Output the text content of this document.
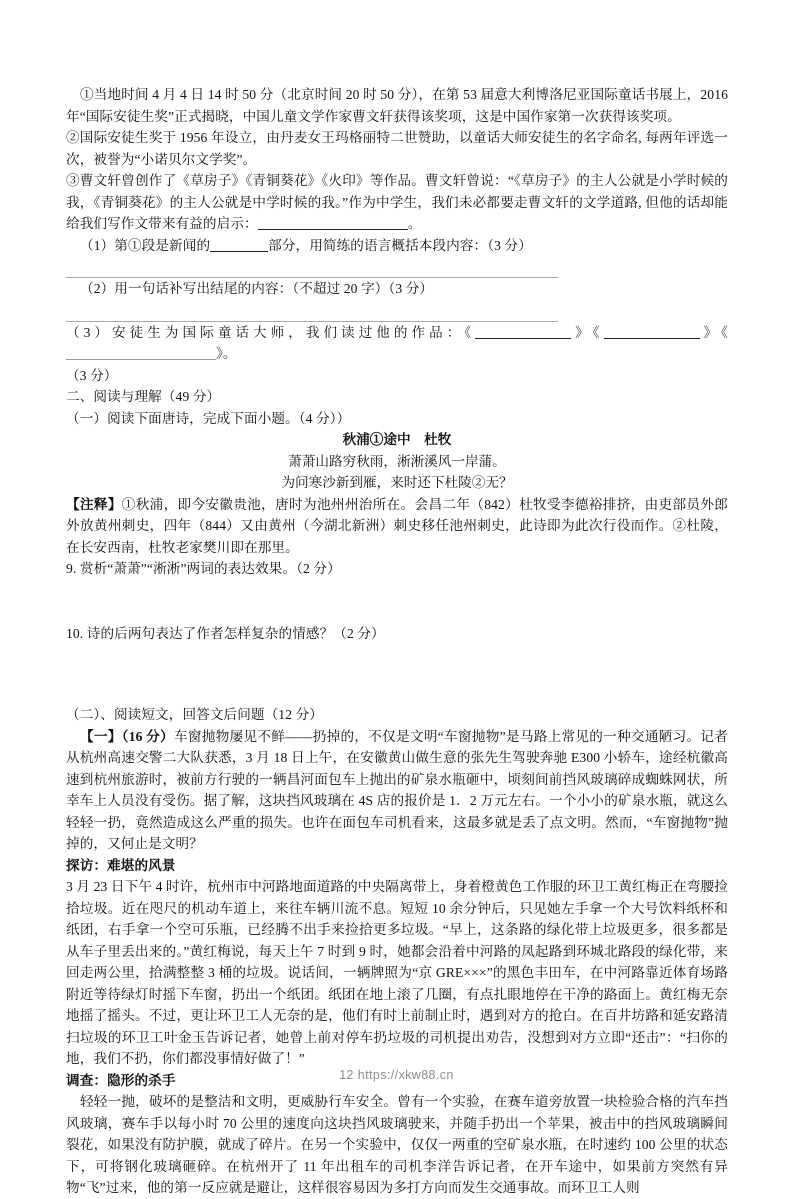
①当地时间 4 月 4 日 14 时 50 分（北京时间 20 时 50 分），在第 53 届意大利博洛尼亚国际童话书展上，2016 年“国际安徒生奖”正式揭晓，中国儿童文学作家曹文轩获得该奖项，这是中国作家第一次获得该奖项。

②国际安徒生奖于 1956 年设立，由丹麦女王玛格丽特二世赞助，以童话大师安徒生的名字命名, 每两年评选一次，被誉为“小诺贝尔文学奖”。

③曹文轩曾创作了《草房子》《青铜葵花》《火印》等作品。曹文轩曾说：“《草房子》的主人公就是小学时候的我，《青铜葵花》的主人公就是中学时候的我。”作为中学生，我们未必都要走曹文轩的文学道路, 但他的话却能给我们写作文带来有益的启示：	。

（1）第①段是新闻的	部分，用简练的语言概括本段内容：（3 分）

（2）用一句话补写出结尾的内容：（不超过 20 字）（3 分）

（3）安徒生为国际童话大师，我们读过他的作品：《	》《	》《》。

（3 分）

二、阅读与理解（49 分）

（一）阅读下面唐诗，完成下面小题。（4 分））

秋浦①途中　杜牧

萧萧山路穷秋雨，淅淅溪风一岸蒲。

为问寒沙新到雁，来时还下杜陵②无？

【注释】①秋浦，即今安徽贵池，唐时为池州州治所在。会昌二年（842）杜牧受李德裕排挤，由吏部员外郎外放黄州刺史，四年（844）又由黄州（今湖北新洲）刺史移任池州刺史，此诗即为此次行役而作。②杜陵，在长安西南，杜牧老家樊川即在那里。

9. 赏析“萧萧”“淅淅”两词的表达效果。（2 分）

10. 诗的后两句表达了作者怎样复杂的情感？（2 分）

（二）、阅读短文，回答文后问题（12 分）

【一】（16 分）车窗抛物屡见不鲜——扔掉的，不仅是文明“车窗抛物”是马路上常见的一种交通陋习。记者从杭州高速交警二大队获悉，3 月 18 日上午，在安徽黄山做生意的张先生驾驶奔驰 E300 小轿车，途经杭徽高速到杭州旅游时，被前方行驶的一辆昌河面包车上抛出的矿泉水瓶砸中，顷刻间前挡风玻璃碎成蜘蛛网状，所幸车上人员没有受伤。据了解，这块挡风玻璃在 4S 店的报价是 1．2 万元左右。一个小小的矿泉水瓶，就这么轻轻一扔，竟然造成这么严重的损失。也许在面包车司机看来，这最多就是丢了点文明。然而，“车窗抛物”抛掉的，又何止是文明？

探访：难堪的风景

3 月 23 日下午 4 时许，杭州市中河路地面道路的中央隔离带上，身着橙黄色工作服的环卫工黄红梅正在弯腰捡拾垃圾。近在咫尺的机动车道上，来往车辆川流不息。短短 10 余分钟后，只见她左手拿一个大号饮料纸杯和纸团，右手拿一个空可乐瓶，已经腾不出手来捡拾更多垃圾。“早上，这条路的绿化带上垃圾更多，很多都是从车子里丢出来的。”黄红梅说，每天上午 7 时到 9 时，她都会沿着中河路的凤起路到环城北路段的绿化带，来回走两公里，拾满整整 3 桶的垃圾。说话间，一辆牌照为“京 GRE×××”的黑色丰田车，在中河路靠近体育场路附近等待绿灯时摇下车窗，扔出一个纸团。纸团在地上滚了几圈，有点扎眼地停在干净的路面上。黄红梅无奈地摇了摇头。不过，更让环卫工人无奈的是，他们有时上前制止时，遇到对方的抢白。在百井坊路和延安路清扫垃圾的环卫工叶金玉告诉记者，她曾上前对停车扔垃圾的司机提出劝告，没想到对方立即“还击”：“扫你的地，我们不扔，你们都没事情好做了！”

调查：隐形的杀手

轻轻一抛，破坏的是整洁和文明，更威胁行车安全。曾有一个实验，在赛车道旁放置一块检验合格的汽车挡风玻璃，赛车手以每小时 70 公里的速度向这块挡风玻璃驶来，并随手扔出一个苹果，被击中的挡风玻璃瞬间裂花，如果没有防护膜，就成了碎片。在另一个实验中，仅仅一两重的空矿泉水瓶，在时速约 100 公里的状态下，可将钢化玻璃砸碎。在杭州开了 11 年出租车的司机李洋告诉记者，在开车途中，如果前方突然有异物“飞”过来，他的第一反应就是避让，这样很容易因为多打方向而发生交通事故。而环卫工人则

12 https://xkw88.cn
